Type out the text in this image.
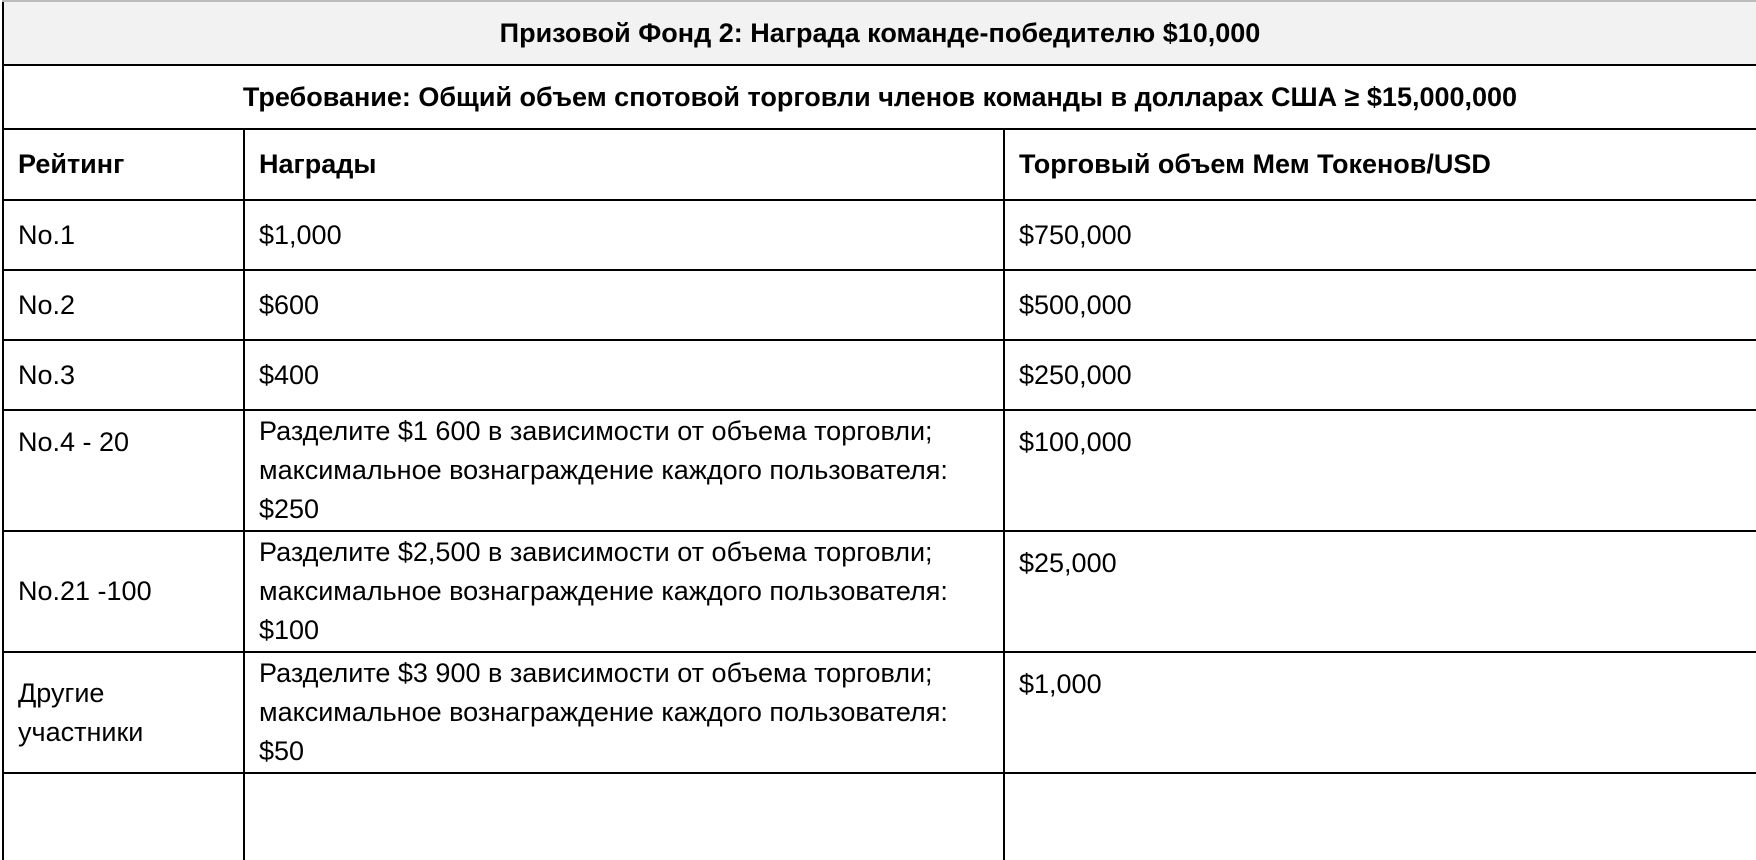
Призовой Фонд 2: Награда команде-победителю $10,000		
Требование: Общий объем спотовой торговли членов команды в долларах США ≥ $15,000,000		
Рейтинг	Награды	Торговый объем Мем Токенов/USD
No.1	$1,000	$750,000
No.2	$600	$500,000
No.3	$400	$250,000
No.4 - 20	Разделите $1 600 в зависимости от объема торговли;
максимальное вознаграждение каждого пользователя: $250	$100,000
No.21 -100	Разделите $2,500 в зависимости от объема торговли;
максимальное вознаграждение каждого пользователя: $100	$25,000
Другие участники	Разделите $3 900 в зависимости от объема торговли;
максимальное вознаграждение каждого пользователя: $50	$1,000
